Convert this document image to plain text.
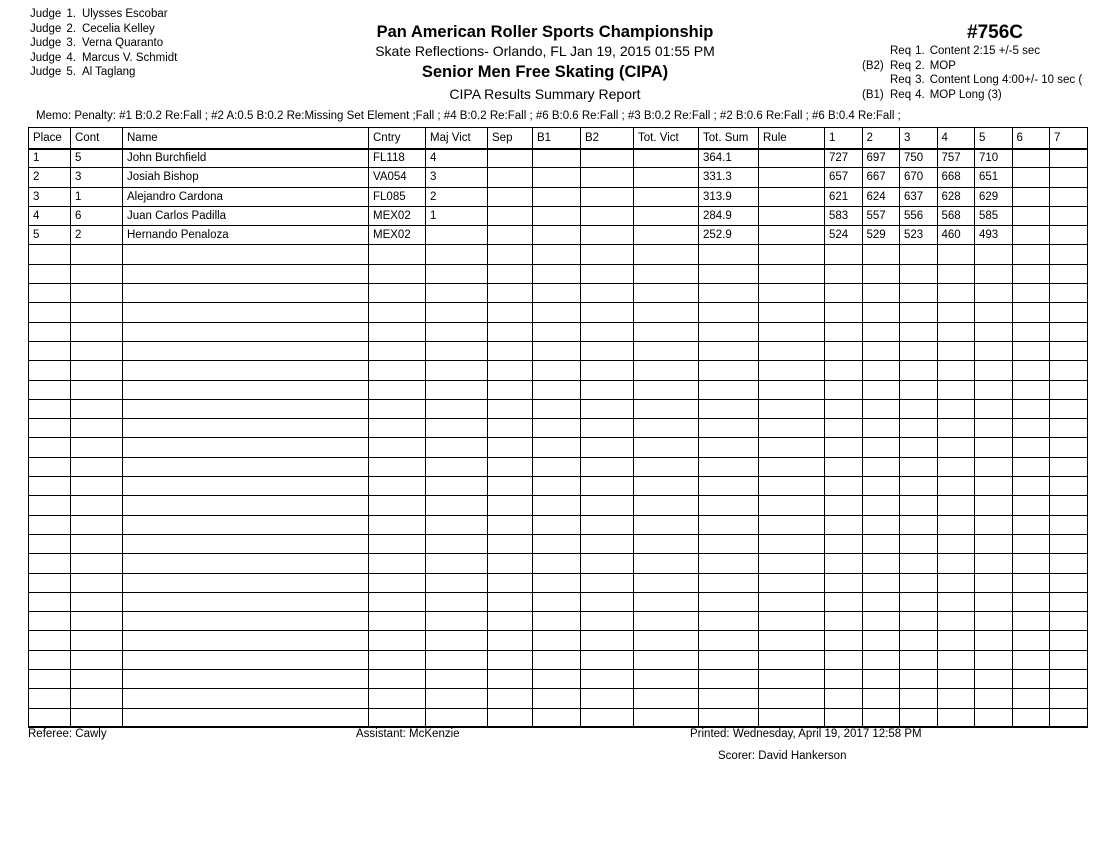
Judge 1. Ulysses Escobar
Judge 2. Cecelia Kelley
Judge 3. Verna Quaranto
Judge 4. Marcus V. Schmidt
Judge 5. Al Taglang
Pan American Roller Sports Championship
Skate Reflections- Orlando, FL Jan 19, 2015 01:55 PM
Senior Men Free Skating (CIPA)
CIPA Results Summary Report
#756C
Req 1. Content 2:15 +/-5 sec
(B2) Req 2. MOP
Req 3. Content Long 4:00+/- 10 sec (
(B1) Req 4. MOP Long (3)
Memo: Penalty: #1 B:0.2 Re:Fall ; #2 A:0.5 B:0.2 Re:Missing Set Element ;Fall ; #4 B:0.2 Re:Fall ; #6 B:0.6 Re:Fall ; #3 B:0.2 Re:Fall ; #2 B:0.6 Re:Fall ; #6 B:0.4 Re:Fall ;
Place	Cont	Name	Cntry	Maj Vict	Sep	B1	B2	Tot. Vict	Tot. Sum	Rule	1	2	3	4	5	6	7
1	5	John Burchfield	FL118	4					364.1		727	697	750	757	710		
2	3	Josiah Bishop	VA054	3					331.3		657	667	670	668	651		
3	1	Alejandro Cardona	FL085	2					313.9		621	624	637	628	629		
4	6	Juan Carlos Padilla	MEX02	1					284.9		583	557	556	568	585		
5	2	Hernando Penaloza	MEX02						252.9		524	529	523	460	493		

Referee: Cawly	Assistant: McKenzie	Printed: Wednesday, April 19, 2017 12:58 PM
Scorer: David Hankerson
